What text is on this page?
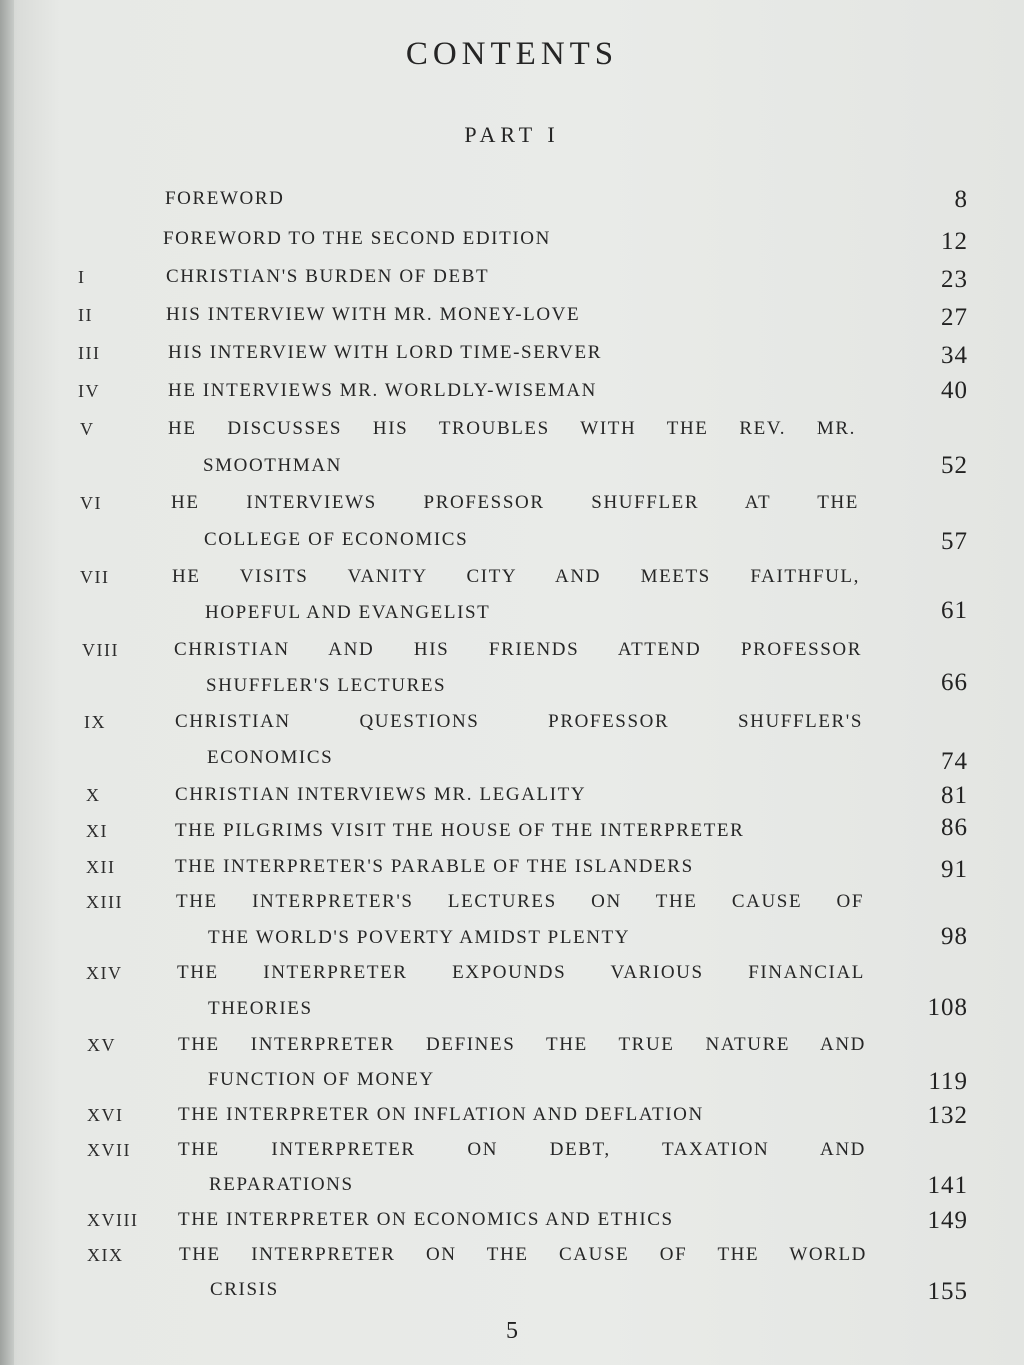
CONTENTS
PART I
FOREWORD	8
FOREWORD TO THE SECOND EDITION	12
I	CHRISTIAN'S BURDEN OF DEBT	23
II	HIS INTERVIEW WITH MR. MONEY-LOVE	27
III	HIS INTERVIEW WITH LORD TIME-SERVER	34
IV	HE INTERVIEWS MR. WORLDLY-WISEMAN	40
V	HE DISCUSSES HIS TROUBLES WITH THE REV. MR.
SMOOTHMAN	52
VI	HE INTERVIEWS PROFESSOR SHUFFLER AT THE
COLLEGE OF ECONOMICS	57
VII	HE VISITS VANITY CITY AND MEETS FAITHFUL,
HOPEFUL AND EVANGELIST	61
VIII	CHRISTIAN AND HIS FRIENDS ATTEND PROFESSOR
SHUFFLER'S LECTURES	66
IX	CHRISTIAN QUESTIONS PROFESSOR SHUFFLER'S
ECONOMICS	74
X	CHRISTIAN INTERVIEWS MR. LEGALITY	81
XI	THE PILGRIMS VISIT THE HOUSE OF THE INTERPRETER	86
XII	THE INTERPRETER'S PARABLE OF THE ISLANDERS	91
XIII	THE INTERPRETER'S LECTURES ON THE CAUSE OF
THE WORLD'S POVERTY AMIDST PLENTY	98
XIV	THE INTERPRETER EXPOUNDS VARIOUS FINANCIAL
THEORIES	108
XV	THE INTERPRETER DEFINES THE TRUE NATURE AND
FUNCTION OF MONEY	119
XVI	THE INTERPRETER ON INFLATION AND DEFLATION	132
XVII THE INTERPRETER ON DEBT, TAXATION AND
REPARATIONS	141
XVIII THE INTERPRETER ON ECONOMICS AND ETHICS	149
XIX	THE INTERPRETER ON THE CAUSE OF THE WORLD
CRISIS	155
5
